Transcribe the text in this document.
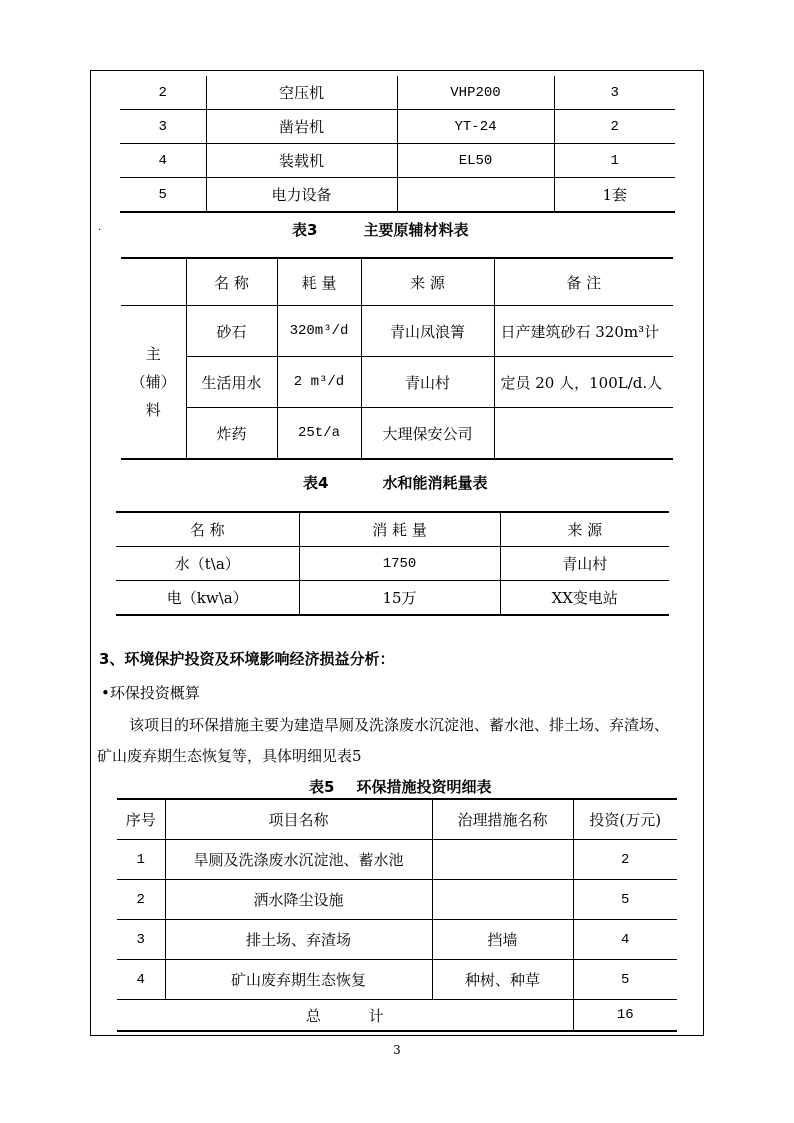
2	空压机	VHP200	3
3	凿岩机	YT-24	2
4	装载机	EL50	1
5	电力设备		1套
.	表3	主要原辅材料表
	名 称	耗 量	来 源	备 注

主
（辅）
料	砂石	320m³/d	青山凤浪箐	日产建筑砂石 320m³计
	生活用水	2 m³/d	青山村	定员 20 人，100L/d.人
	炸药	25t/a	大理保安公司	
表4	水和能消耗量表
名 称	消 耗 量	来 源
水（t\a）	1750	青山村
电（kw\a）	15万	XX变电站
3、环境保护投资及环境影响经济损益分析：
•环保投资概算
该项目的环保措施主要为建造旱厕及洗涤废水沉淀池、蓄水池、排土场、弃渣场、
矿山废弃期生态恢复等，具体明细见表5
表5 环保措施投资明细表
序号	项目名称	治理措施名称	投资(万元)
1	旱厕及洗涤废水沉淀池、蓄水池		2
2	洒水降尘设施		5
3	排土场、弃渣场	挡墙	4
4	矿山废弃期生态恢复	种树、种草	5
总          计			16
3
